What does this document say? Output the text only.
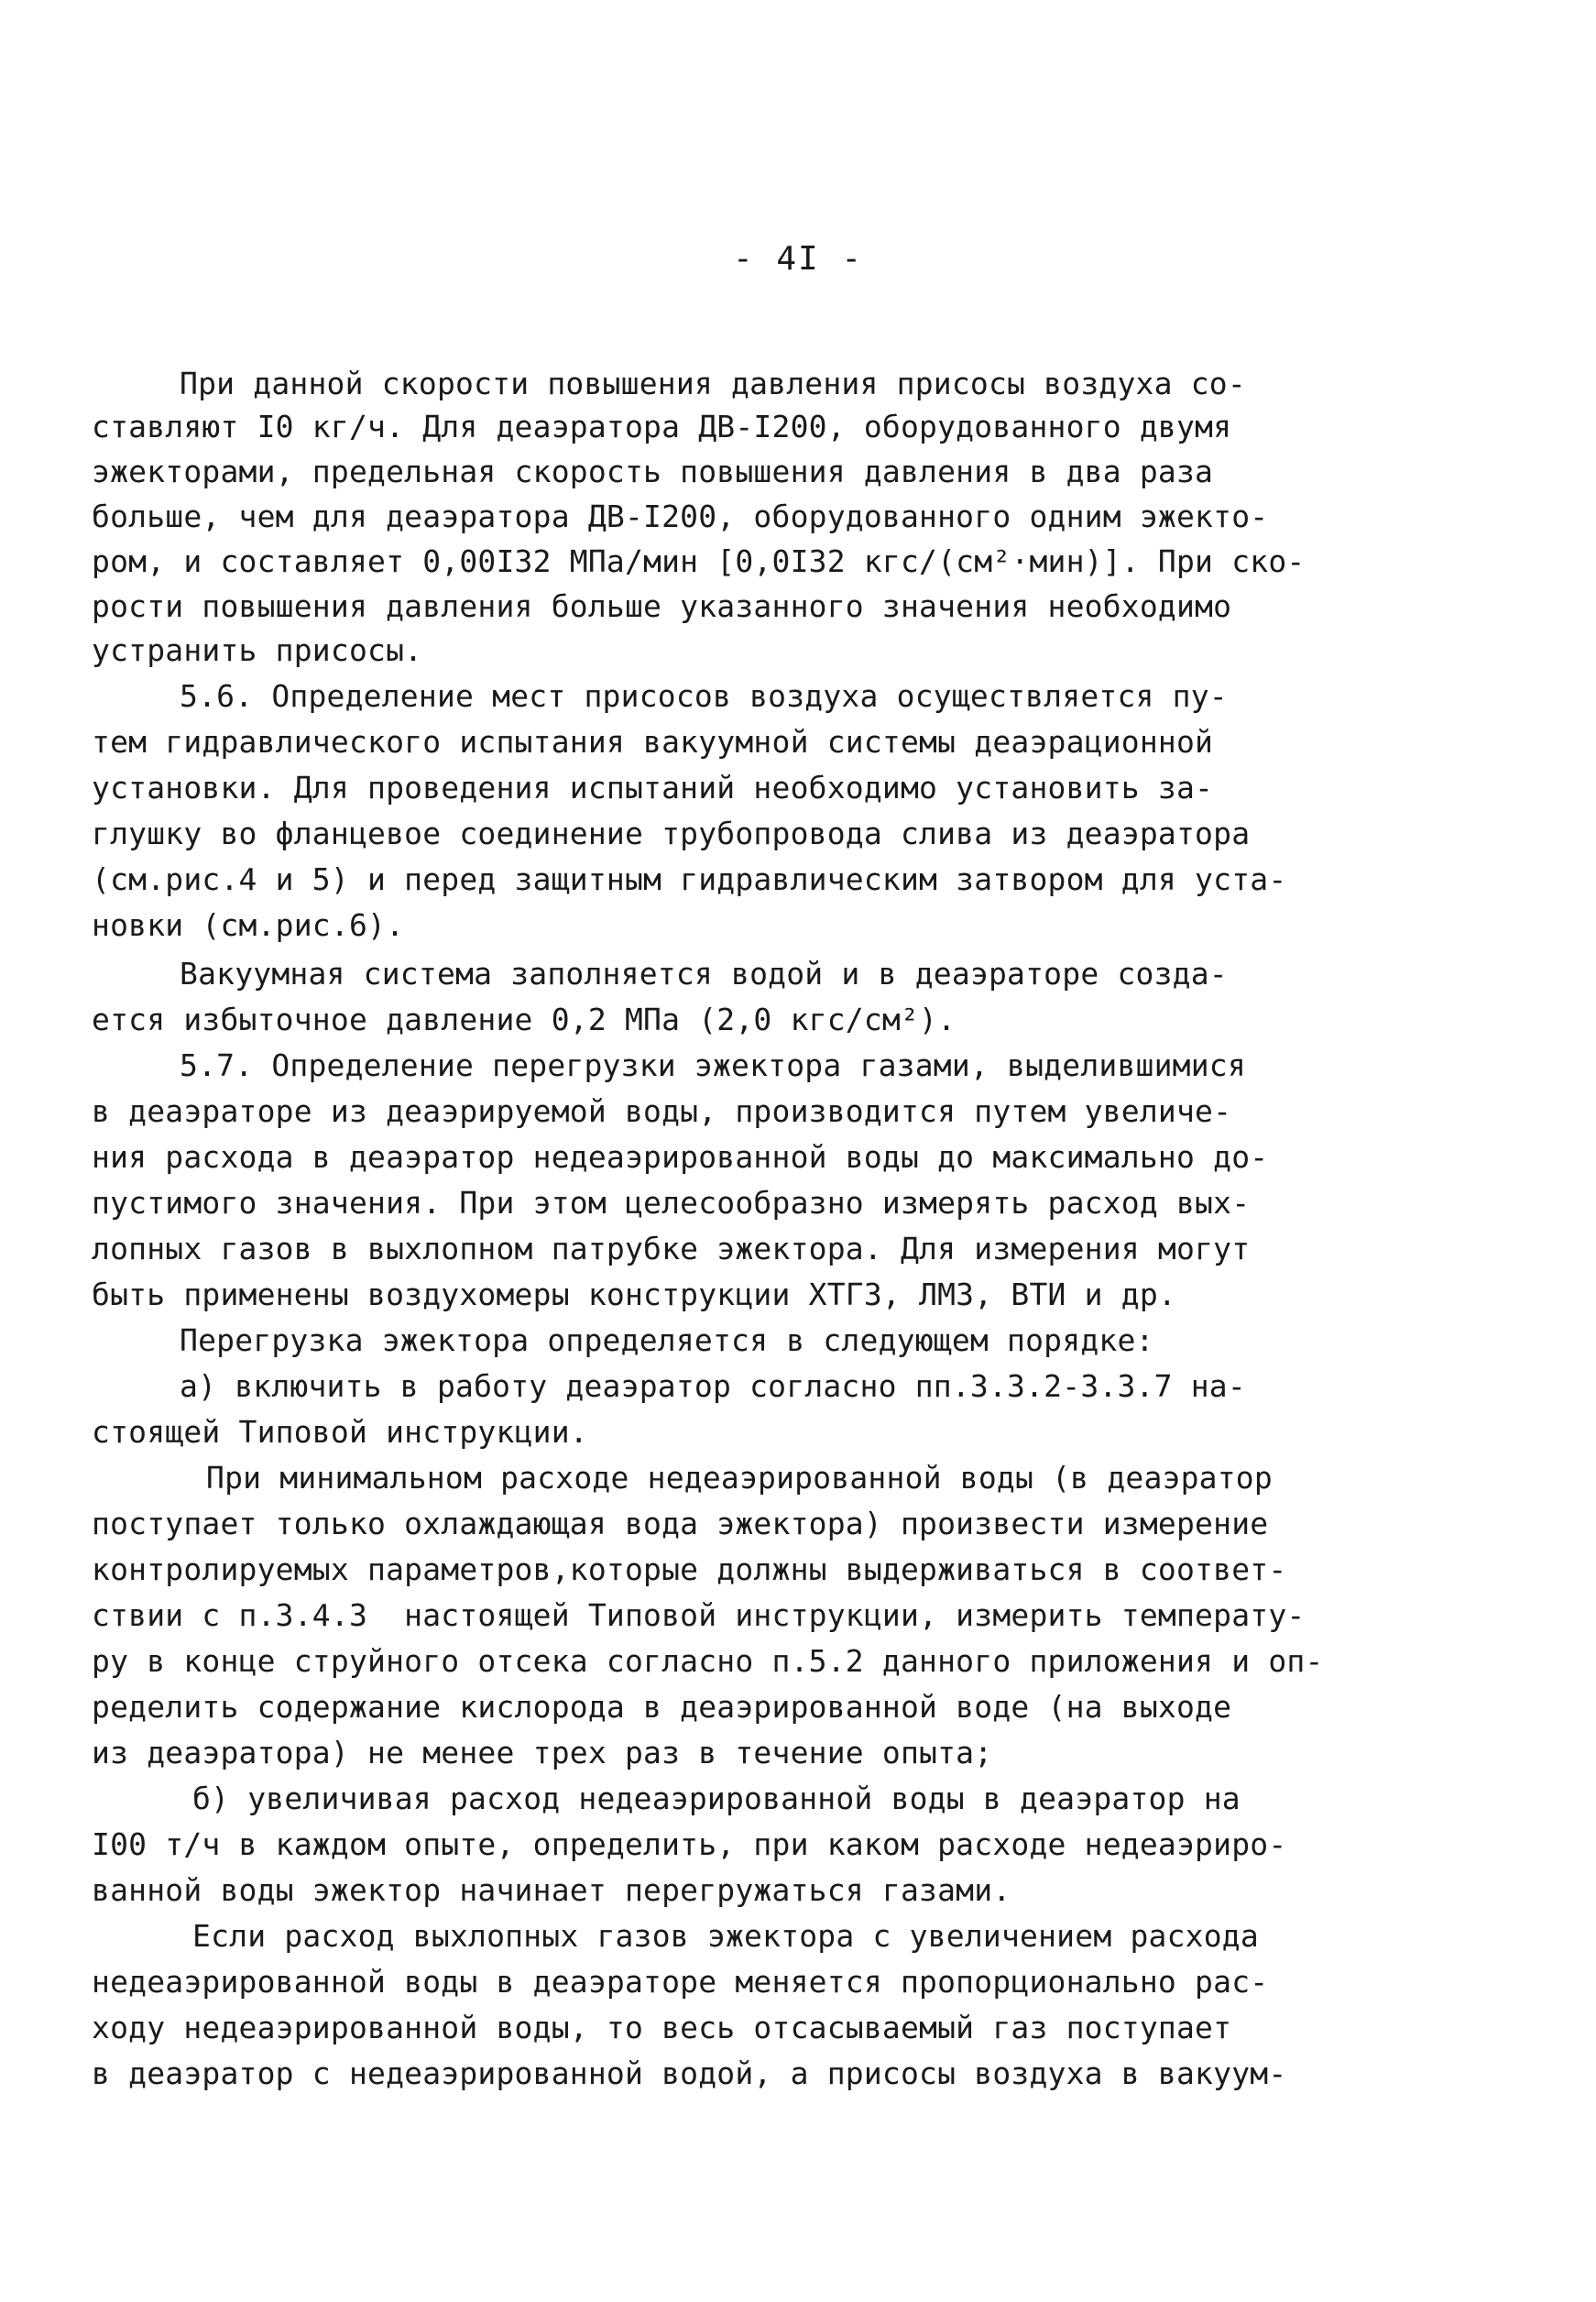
- 4I -
При данной скорости повышения давления присосы воздуха со-
ставляют I0 кг/ч. Для деаэратора ДВ-I200, оборудованного двумя
эжекторами, предельная скорость повышения давления в два раза
больше, чем для деаэратора ДВ-I200, оборудованного одним эжекто-
ром, и составляет 0,00I32 МПа/мин [0,0I32 кгс/(см²·мин)]. При ско-
рости повышения давления больше указанного значения необходимо
устранить присосы.
5.6. Определение мест присосов воздуха осуществляется пу-
тем гидравлического испытания вакуумной системы деаэрационной
установки. Для проведения испытаний необходимо установить за-
глушку во фланцевое соединение трубопровода слива из деаэратора
(см.рис.4 и 5) и перед защитным гидравлическим затвором для уста-
новки (см.рис.6).
Вакуумная система заполняется водой и в деаэраторе созда-
ется избыточное давление 0,2 МПа (2,0 кгс/см²).
5.7. Определение перегрузки эжектора газами, выделившимися
в деаэраторе из деаэрируемой воды, производится путем увеличе-
ния расхода в деаэратор недеаэрированной воды до максимально до-
пустимого значения. При этом целесообразно измерять расход вых-
лопных газов в выхлопном патрубке эжектора. Для измерения могут
быть применены воздухомеры конструкции ХТГЗ, ЛМЗ, ВТИ и др.
Перегрузка эжектора определяется в следующем порядке:
а) включить в работу деаэратор согласно пп.3.3.2-3.3.7 на-
стоящей Типовой инструкции.
При минимальном расходе недеаэрированной воды (в деаэратор
поступает только охлаждающая вода эжектора) произвести измерение
контролируемых параметров,которые должны выдерживаться в соответ-
ствии с п.3.4.3  настоящей Типовой инструкции, измерить температу-
ру в конце струйного отсека согласно п.5.2 данного приложения и оп-
ределить содержание кислорода в деаэрированной воде (на выходе
из деаэратора) не менее трех раз в течение опыта;
б) увеличивая расход недеаэрированной воды в деаэратор на
I00 т/ч в каждом опыте, определить, при каком расходе недеаэриро-
ванной воды эжектор начинает перегружаться газами.
Если расход выхлопных газов эжектора с увеличением расхода
недеаэрированной воды в деаэраторе меняется пропорционально рас-
ходу недеаэрированной воды, то весь отсасываемый газ поступает
в деаэратор с недеаэрированной водой, а присосы воздуха в вакуум-
